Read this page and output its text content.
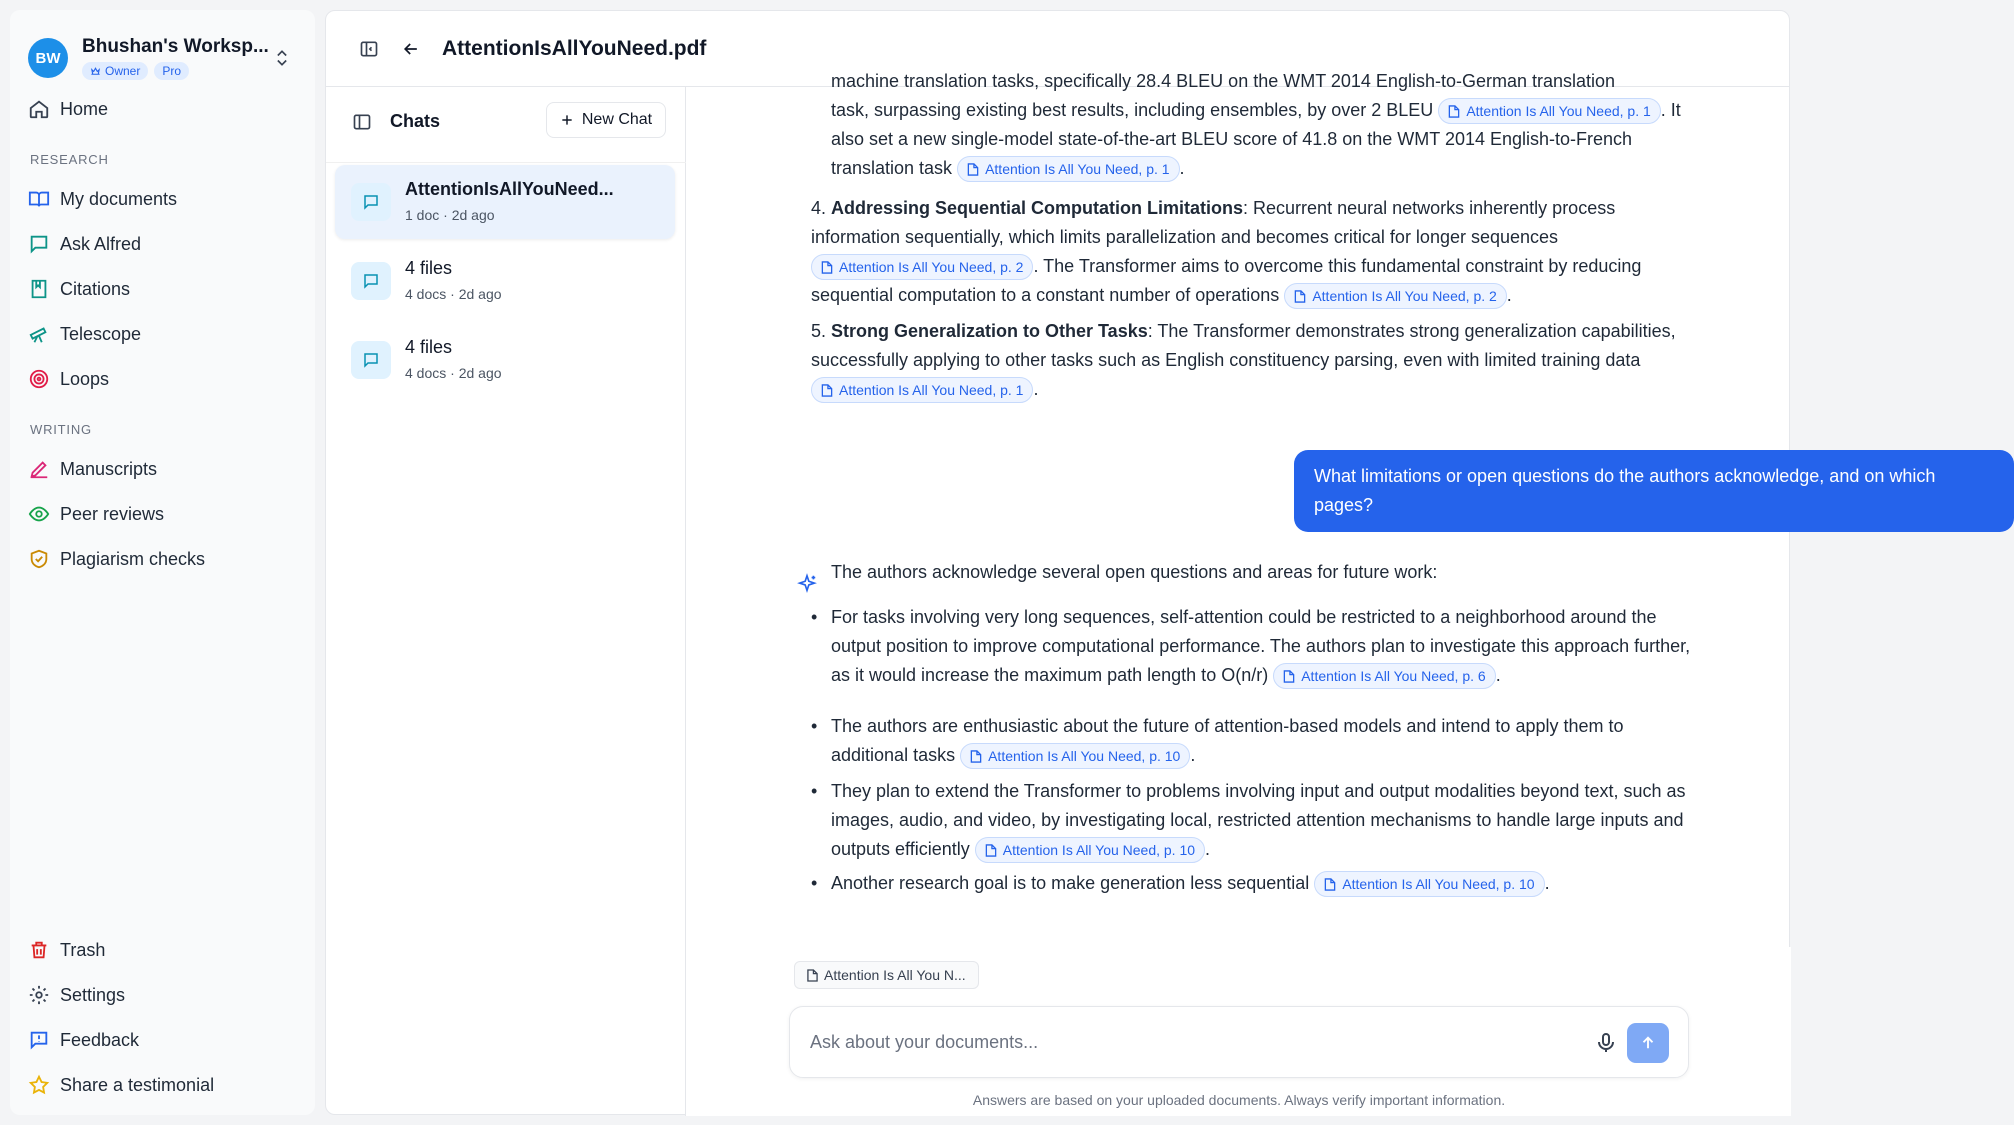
BW
Bhushan's Worksp...
Owner	Pro
Home
RESEARCH
My documents
Ask Alfred
Citations
Telescope
Loops
WRITING
Manuscripts
Peer reviews
Plagiarism checks
Trash
Settings
Feedback
Share a testimonial
AttentionIsAllYouNeed.pdf
Chats	New Chat
AttentionIsAllYouNeed...
1 doc · 2d ago
4 files
4 docs · 2d ago
4 files
4 docs · 2d ago
machine translation tasks, specifically 28.4 BLEU on the WMT 2014 English-to-German translation
task, surpassing existing best results, including ensembles, by over 2 BLEU Attention Is All You Need, p. 1 . It also set a new single-model state-of-the-art BLEU score of 41.8 on the WMT 2014 English-to-French translation task Attention Is All You Need, p. 1 .
4. Addressing Sequential Computation Limitations: Recurrent neural networks inherently process information sequentially, which limits parallelization and becomes critical for longer sequences
Attention Is All You Need, p. 2 . The Transformer aims to overcome this fundamental constraint by reducing sequential computation to a constant number of operations Attention Is All You Need, p. 2 .
5. Strong Generalization to Other Tasks: The Transformer demonstrates strong generalization capabilities, successfully applying to other tasks such as English constituency parsing, even with limited training data
Attention Is All You Need, p. 1 .
What limitations or open questions do the authors acknowledge, and on which pages?
The authors acknowledge several open questions and areas for future work:
• For tasks involving very long sequences, self-attention could be restricted to a neighborhood around the output position to improve computational performance. The authors plan to investigate this approach further, as it would increase the maximum path length to O(n/r) Attention Is All You Need, p. 6 .
• The authors are enthusiastic about the future of attention-based models and intend to apply them to additional tasks Attention Is All You Need, p. 10 .
• They plan to extend the Transformer to problems involving input and output modalities beyond text, such as images, audio, and video, by investigating local, restricted attention mechanisms to handle large inputs and outputs efficiently Attention Is All You Need, p. 10 .
• Another research goal is to make generation less sequential Attention Is All You Need, p. 10 .
Attention Is All You N...
Ask about your documents...
Answers are based on your uploaded documents. Always verify important information.
